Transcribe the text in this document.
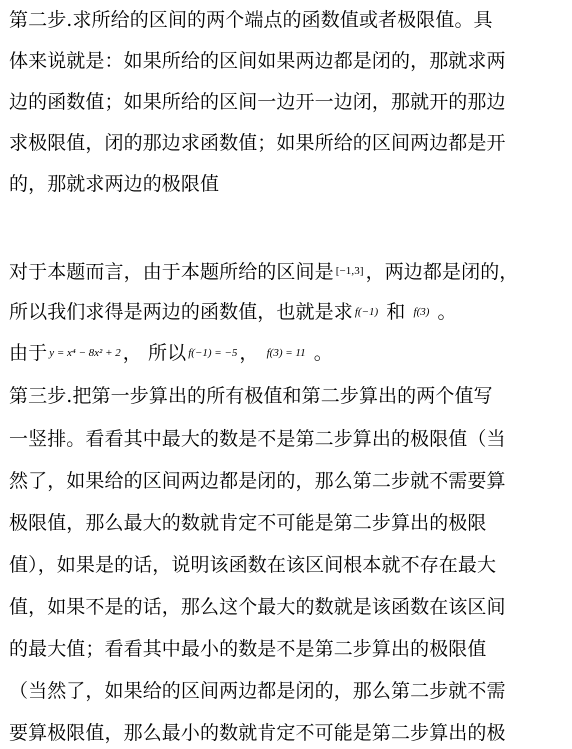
第二步.求所给的区间的两个端点的函数值或者极限值。具
体来说就是：如果所给的区间如果两边都是闭的，那就求两
边的函数值；如果所给的区间一边开一边闭，那就开的那边
求极限值，闭的那边求函数值；如果所给的区间两边都是开
的，那就求两边的极限值
对于本题而言，由于本题所给的区间是 [−1,3] ，两边都是闭的，
所以我们求得是两边的函数值，也就是求 f(−1) 和 f(3) 。
由于 y = x⁴ − 8x² + 2 ， 所以 f(−1) = −5 ， f(3) = 11 。
第三步.把第一步算出的所有极值和第二步算出的两个值写
一竖排。看看其中最大的数是不是第二步算出的极限值（当
然了，如果给的区间两边都是闭的，那么第二步就不需要算
极限值，那么最大的数就肯定不可能是第二步算出的极限
值），如果是的话，说明该函数在该区间根本就不存在最大
值，如果不是的话，那么这个最大的数就是该函数在该区间
的最大值；看看其中最小的数是不是第二步算出的极限值
（当然了，如果给的区间两边都是闭的，那么第二步就不需
要算极限值，那么最小的数就肯定不可能是第二步算出的极
